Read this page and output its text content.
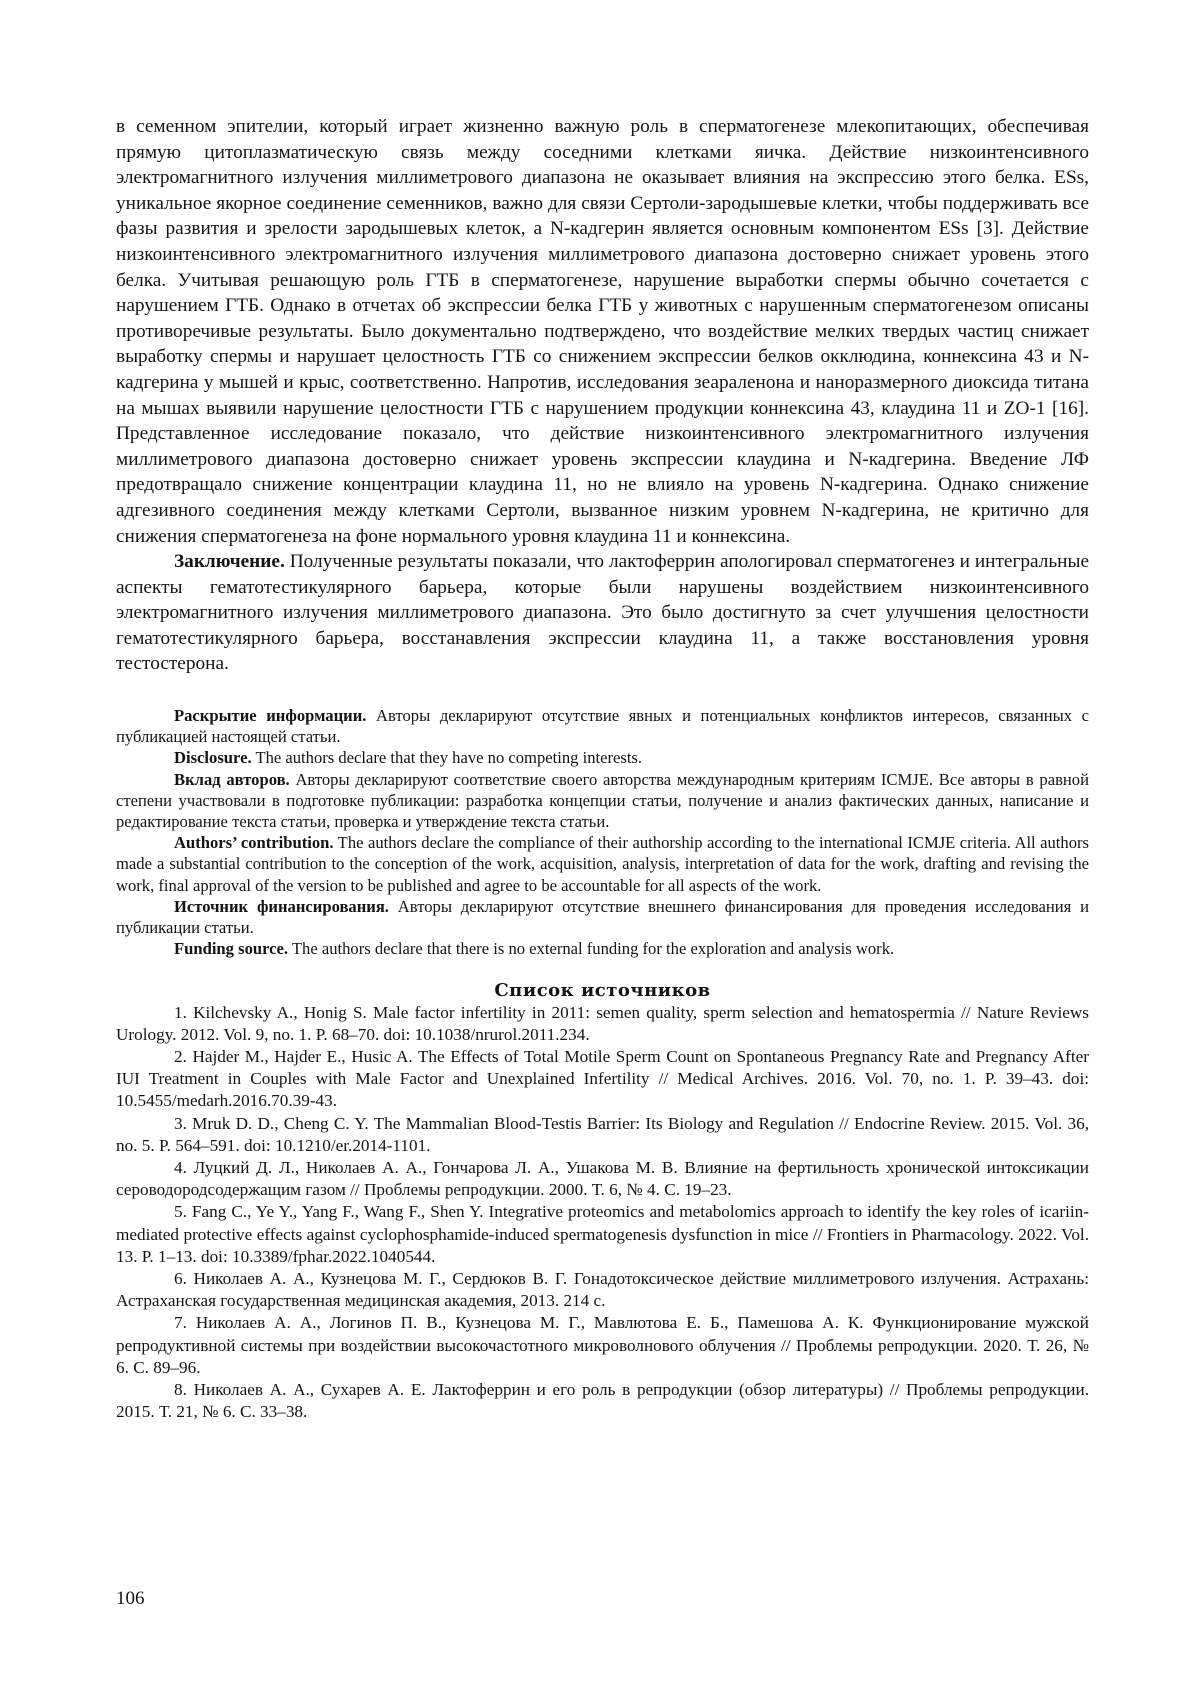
в семенном эпителии, который играет жизненно важную роль в сперматогенезе млекопитающих, обеспечивая прямую цитоплазматическую связь между соседними клетками яичка. Действие низкоинтенсивного электромагнитного излучения миллиметрового диапазона не оказывает влияния на экспрессию этого белка. ESs, уникальное якорное соединение семенников, важно для связи Сертоли-зародышевые клетки, чтобы поддерживать все фазы развития и зрелости зародышевых клеток, а N-кадгерин является основным компонентом ESs [3]. Действие низкоинтенсивного электромагнитного излучения миллиметрового диапазона достоверно снижает уровень этого белка. Учитывая решающую роль ГТБ в сперматогенезе, нарушение выработки спермы обычно сочетается с нарушением ГТБ. Однако в отчетах об экспрессии белка ГТБ у животных с нарушенным сперматогенезом описаны противоречивые результаты. Было документально подтверждено, что воздействие мелких твердых частиц снижает выработку спермы и нарушает целостность ГТБ со снижением экспрессии белков окклюдина, коннексина 43 и N-кадгерина у мышей и крыс, соответственно. Напротив, исследования зеараленона и наноразмерного диоксида титана на мышах выявили нарушение целостности ГТБ с нарушением продукции коннексина 43, клаудина 11 и ZO-1 [16]. Представленное исследование показало, что действие низкоинтенсивного электромагнитного излучения миллиметрового диапазона достоверно снижает уровень экспрессии клаудина и N-кадгерина. Введение ЛФ предотвращало снижение концентрации клаудина 11, но не влияло на уровень N-кадгерина. Однако снижение адгезивного соединения между клетками Сертоли, вызванное низким уровнем N-кадгерина, не критично для снижения сперматогенеза на фоне нормального уровня клаудина 11 и коннексина.
Заключение. Полученные результаты показали, что лактоферрин апологировал сперматогенез и интегральные аспекты гематотестикулярного барьера, которые были нарушены воздействием низкоинтенсивного электромагнитного излучения миллиметрового диапазона. Это было достигнуто за счет улучшения целостности гематотестикулярного барьера, восстанавления экспрессии клаудина 11, а также восстановления уровня тестостерона.

Раскрытие информации. Авторы декларируют отсутствие явных и потенциальных конфликтов интересов, связанных с публикацией настоящей статьи.

Disclosure. The authors declare that they have no competing interests.

Вклад авторов. Авторы декларируют соответствие своего авторства международным критериям ICMJE. Все авторы в равной степени участвовали в подготовке публикации: разработка концепции статьи, получение и анализ фактических данных, написание и редактирование текста статьи, проверка и утверждение текста статьи.

Authors’ contribution. The authors declare the compliance of their authorship according to the international ICMJE criteria. All authors made a substantial contribution to the conception of the work, acquisition, analysis, interpretation of data for the work, drafting and revising the work, final approval of the version to be published and agree to be accountable for all aspects of the work.

Источник финансирования. Авторы декларируют отсутствие внешнего финансирования для проведения исследования и публикации статьи.

Funding source. The authors declare that there is no external funding for the exploration and analysis work.

Список источников

1. Kilchevsky A., Honig S. Male factor infertility in 2011: semen quality, sperm selection and hematospermia // Nature Reviews Urology. 2012. Vol. 9, no. 1. P. 68–70. doi: 10.1038/nrurol.2011.234.

2. Hajder M., Hajder E., Husic A. The Effects of Total Motile Sperm Count on Spontaneous Pregnancy Rate and Pregnancy After IUI Treatment in Couples with Male Factor and Unexplained Infertility // Medical Archives. 2016. Vol. 70, no. 1. P. 39–43. doi: 10.5455/medarh.2016.70.39-43.

3. Mruk D. D., Cheng C. Y. The Mammalian Blood-Testis Barrier: Its Biology and Regulation // Endocrine Review. 2015. Vol. 36, no. 5. P. 564–591. doi: 10.1210/er.2014-1101.

4. Луцкий Д. Л., Николаев А. А., Гончарова Л. А., Ушакова М. В. Влияние на фертильность хронической интоксикации сероводородсодержащим газом // Проблемы репродукции. 2000. Т. 6, № 4. С. 19–23.

5. Fang C., Ye Y., Yang F., Wang F., Shen Y. Integrative proteomics and metabolomics approach to identify the key roles of icariin-mediated protective effects against cyclophosphamide-induced spermatogenesis dysfunction in mice // Frontiers in Pharmacology. 2022. Vol. 13. P. 1–13. doi: 10.3389/fphar.2022.1040544.

6. Николаев А. А., Кузнецова М. Г., Сердюков В. Г. Гонадотоксическое действие миллиметрового излучения. Астрахань: Астраханская государственная медицинская академия, 2013. 214 с.

7. Николаев А. А., Логинов П. В., Кузнецова М. Г., Мавлютова Е. Б., Памешова А. К. Функционирование мужской репродуктивной системы при воздействии высокочастотного микроволнового облучения // Проблемы репродукции. 2020. Т. 26, № 6. С. 89–96.

8. Николаев А. А., Сухарев А. Е. Лактоферрин и его роль в репродукции (обзор литературы) // Проблемы репродукции. 2015. Т. 21, № 6. С. 33–38.

106
